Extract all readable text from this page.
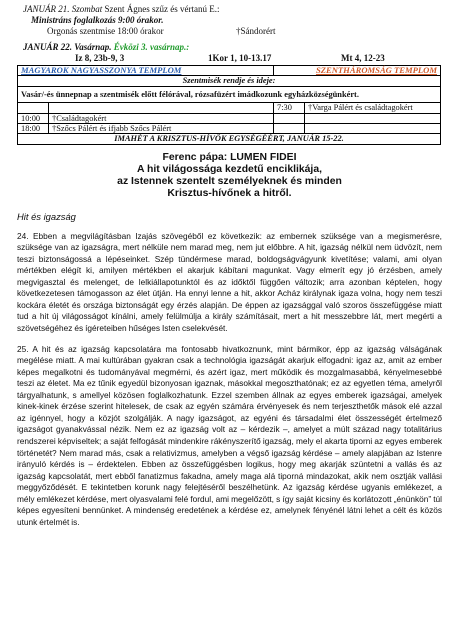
JANUÁR 21. Szombat Szent Ágnes szűz és vértanú E.:
Ministráns foglalkozás 9:00 órakor.
Orgonás szentmise 18:00 órakor	†Sándorért
JANUÁR 22. Vasárnap. Évközi 3. vasárnap.:
Iz 8, 23b-9, 3	1Kor 1, 10-13.17	Mt 4, 12-23
MAGYAROK NAGYASSZONYA TEMPLOM		SZENTHÁROMSÁG TEMPLOM	
Szentmisék rendje és ideje:			
Vasár/-és ünnepnap a szentmisék előtt félórával, rózsafüzért imádkozunk egyházközségünkért.			
		7:30	†Varga Pálért és családtagokért
10:00	†Családtagokért		
18:00	†Szőcs Pálért és ifjabb Szőcs Pálért		
IMAHÉT A KRISZTUS-HÍVŐK EGYSÉGÉÉRT, JANUÁR 15-22.			
Ferenc pápa: LUMEN FIDEI
A hit világossága kezdetű enciklikája,
az Istennek szentelt személyeknek és minden
Krisztus-hívőnek a hitről.
Hit és igazság
24. Ebben a megvilágításban Izajás szövegéből ez következik: az embernek szüksége van a megismerésre, szüksége van az igazságra, mert nélküle nem marad meg, nem jut előbbre. A hit, igazság nélkül nem üdvözít, nem teszi biztonságossá a lépéseinket. Szép tündérmese marad, boldogságvágyunk kivetítése; valami, ami olyan mértékben elégít ki, amilyen mértékben el akarjuk kábítani magunkat. Vagy elmerít egy jó érzésben, amely megvigasztal és melenget, de lelkiállapotunktól és az időktől függően változik; arra azonban képtelen, hogy következetesen támogasson az élet útján. Ha ennyi lenne a hit, akkor Acház királynak igaza volna, hogy nem teszi kockára életét és országa biztonságát egy érzés alapján. De éppen az igazsággal való szoros összefüggése miatt tud a hit új világosságot kínálni, amely felülmúlja a király számításait, mert a hit messzebbre lát, mert megérti a szövetségéhez és ígéreteiben hűséges Isten cselekvését.
25. A hit és az igazság kapcsolatára ma fontosabb hivatkoznunk, mint bármikor, épp az igazság válságának megélése miatt. A mai kultúrában gyakran csak a technológia igazságát akarjuk elfogadni: igaz az, amit az ember képes megalkotni és tudományával megmérni, és azért igaz, mert működik és mozgalmasabbá, kényelmesebbé teszi az életet. Ma ez tűnik egyedül bizonyosan igaznak, másokkal megoszthatónak; ez az egyetlen téma, amelyről tárgyalhatunk, s amellyel közösen foglalkozhatunk. Ezzel szemben állnak az egyes emberek igazságai, amelyek kinek-kinek érzése szerint hitelesek, de csak az egyén számára érvényesek és nem terjeszthetők mások elé azzal az igénnyel, hogy a közjót szolgálják. A nagy igazságot, az egyéni és társadalmi élet összességét értelmező igazságot gyanakvással nézik. Nem ez az igazság volt az – kérdezik –, amelyet a múlt század nagy totalitárius rendszerei képviseltek; a saját felfogását mindenkire rákényszerítő igazság, mely el akarta tiporni az egyes emberek történetét? Nem marad más, csak a relativizmus, amelyben a végső igazság kérdése – amely alapjában az Istenre irányuló kérdés is – érdektelen. Ebben az összefüggésben logikus, hogy meg akarják szüntetni a vallás és az igazság kapcsolatát, mert ebből fanatizmus fakadna, amely maga alá tiporná mindazokat, akik nem osztják vallási meggyőződését. E tekintetben korunk nagy felejtéséről beszélhetünk. Az igazság kérdése ugyanis emlékezet, a mély emlékezet kérdése, mert olyasvalami felé fordul, ami megelőzött, s így saját kicsiny és korlátozott „énünkön” túl képes egyesíteni bennünket. A mindenség eredetének a kérdése ez, amelynek fényénél látni lehet a célt és közös utunk értelmét is.
